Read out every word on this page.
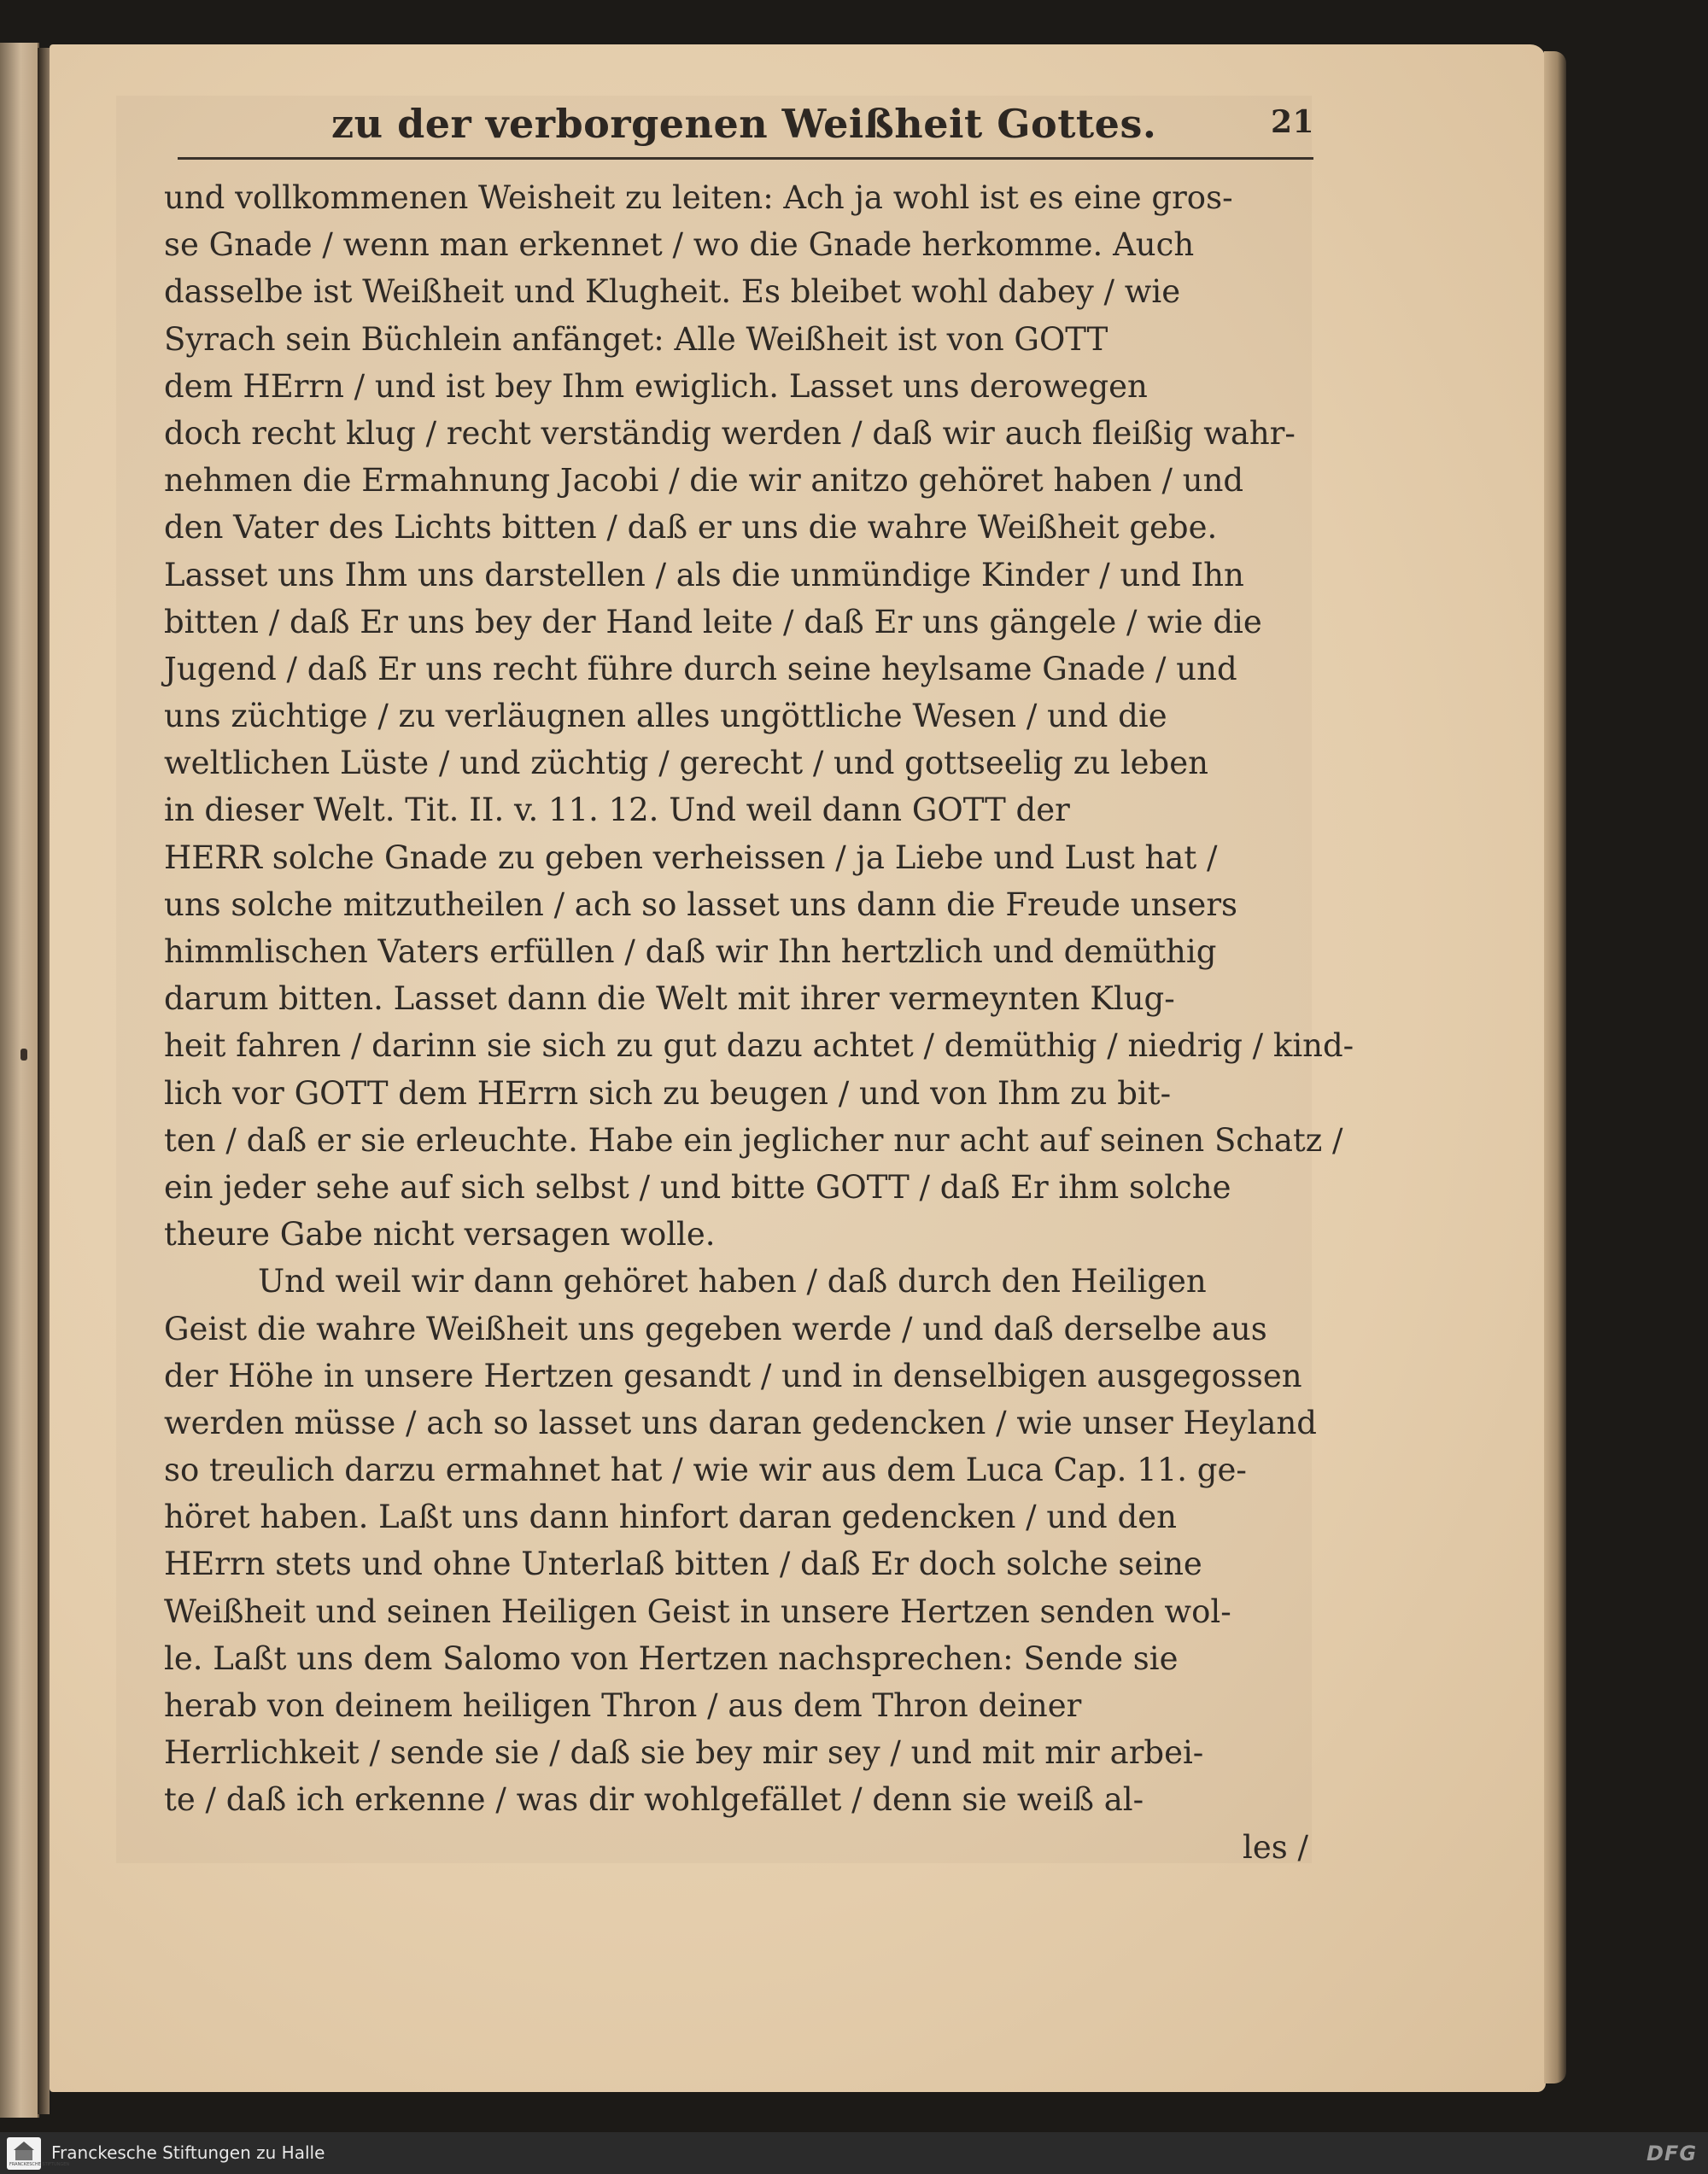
zu der verborgenen Weißheit Gottes.	21
und vollkommenen Weisheit zu leiten: Ach ja wohl ist es eine gros-
se Gnade / wenn man erkennet / wo die Gnade herkomme. Auch
dasselbe ist Weißheit und Klugheit. Es bleibet wohl dabey / wie
Syrach sein Büchlein anfänget: Alle Weißheit ist von GOTT
dem HErrn / und ist bey Ihm ewiglich. Lasset uns derowegen
doch recht klug / recht verständig werden / daß wir auch fleißig wahr-
nehmen die Ermahnung Jacobi / die wir anitzo gehöret haben / und
den Vater des Lichts bitten / daß er uns die wahre Weißheit gebe.
Lasset uns Ihm uns darstellen / als die unmündige Kinder / und Ihn
bitten / daß Er uns bey der Hand leite / daß Er uns gängele / wie die
Jugend / daß Er uns recht führe durch seine heylsame Gnade / und
uns züchtige / zu verläugnen alles ungöttliche Wesen / und die
weltlichen Lüste / und züchtig / gerecht / und gottseelig zu leben
in dieser Welt. Tit. II. v. 11. 12. Und weil dann GOTT der
HERR solche Gnade zu geben verheissen / ja Liebe und Lust hat /
uns solche mitzutheilen / ach so lasset uns dann die Freude unsers
himmlischen Vaters erfüllen / daß wir Ihn hertzlich und demüthig
darum bitten. Lasset dann die Welt mit ihrer vermeynten Klug-
heit fahren / darinn sie sich zu gut dazu achtet / demüthig / niedrig / kind-
lich vor GOTT dem HErrn sich zu beugen / und von Ihm zu bit-
ten / daß er sie erleuchte. Habe ein jeglicher nur acht auf seinen Schatz /
ein jeder sehe auf sich selbst / und bitte GOTT / daß Er ihm solche
theure Gabe nicht versagen wolle.
Und weil wir dann gehöret haben / daß durch den Heiligen
Geist die wahre Weißheit uns gegeben werde / und daß derselbe aus
der Höhe in unsere Hertzen gesandt / und in denselbigen ausgegossen
werden müsse / ach so lasset uns daran gedencken / wie unser Heyland
so treulich darzu ermahnet hat / wie wir aus dem Luca Cap. 11. ge-
höret haben. Laßt uns dann hinfort daran gedencken / und den
HErrn stets und ohne Unterlaß bitten / daß Er doch solche seine
Weißheit und seinen Heiligen Geist in unsere Hertzen senden wol-
le. Laßt uns dem Salomo von Hertzen nachsprechen: Sende sie
herab von deinem heiligen Thron / aus dem Thron deiner
Herrlichkeit / sende sie / daß sie bey mir sey / und mit mir arbei-
te / daß ich erkenne / was dir wohlgefället / denn sie weiß al-
les /
FRANCKESCHE STIFTUNGEN
Franckesche Stiftungen zu Halle	DFG
